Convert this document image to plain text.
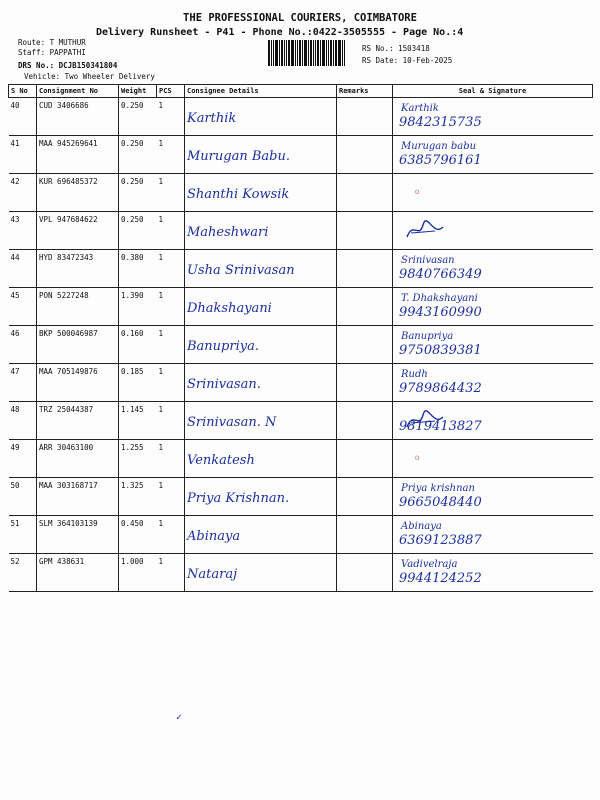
THE PROFESSIONAL COURIERS, COIMBATORE
Delivery Runsheet - P41 - Phone No.:0422-3505555 - Page No.:4
Route: T MUTHUR
Staff: PAPPATHI
DRS No.: DCJB150341804
Vehicle: Two Wheeler Delivery
RS No.: 1503418
RS Date: 10-Feb-2025
S No	Consignment No	Weight	PCS	Consignee Details	Remarks	Seal & Signature
40	CUD 3406686	0.250	1	Karthik		Karthik
9842315735

41	MAA 945269641	0.250	1	Murugan Babu.		Murugan babu
6385796161

42	KUR 696485372	0.250	1	Shanthi Kowsik		᧐

43	VPL 947684622	0.250	1	Maheshwari

44	HYD 83472343	0.380	1	Usha Srinivasan		Srinivasan
9840766349

45	PON 5227248	1.390	1	Dhakshayani		T. Dhakshayani
9943160990

46	BKP 500046987	0.160	1	Banupriya.		Banupriya
9750839381

47	MAA 705149876	0.185	1	Srinivasan.		Rudh
9789864432

48	TRZ 25044387	1.145	1	Srinivasan. N		9819413827

49	ARR 30463100	1.255	1	Venkatesh		᧐

50	MAA 303168717	1.325	1	Priya Krishnan.		Priya krishnan
9665048440

51	SLM 364103139	0.450	1	Abinaya		Abinaya
6369123887

52	GPM 438631	1.000	1	Nataraj		Vadivelraja
9944124252
✓
